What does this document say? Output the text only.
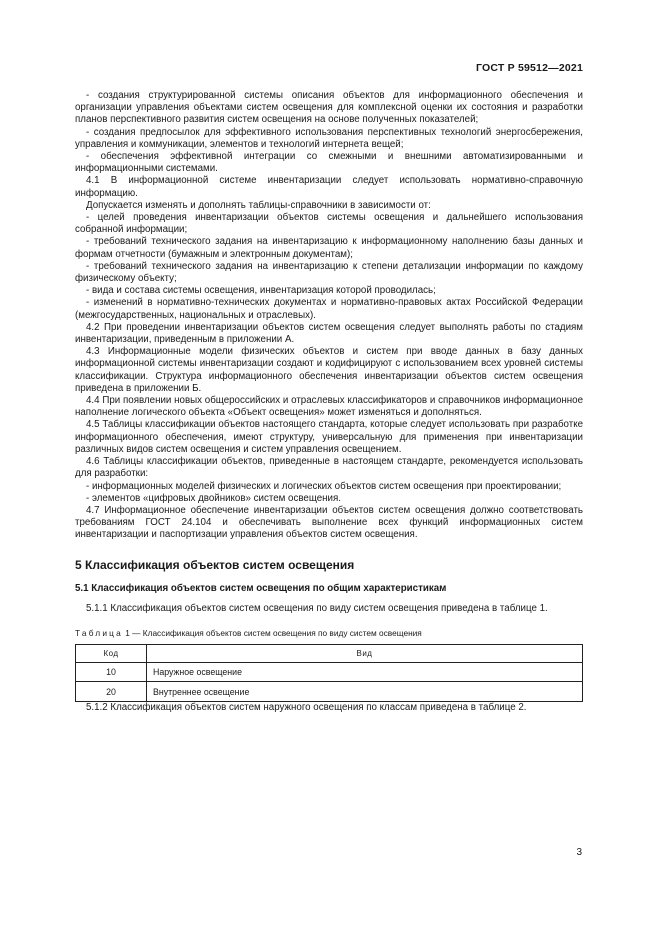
ГОСТ Р 59512—2021

- создания структурированной системы описания объектов для информационного обеспечения и организации управления объектами систем освещения для комплексной оценки их состояния и разработки планов перспективного развития систем освещения на основе полученных показателей;

- создания предпосылок для эффективного использования перспективных технологий энергосбережения, управления и коммуникации, элементов и технологий интернета вещей;

- обеспечения эффективной интеграции со смежными и внешними автоматизированными и информационными системами.

4.1 В информационной системе инвентаризации следует использовать нормативно-справочную информацию.

Допускается изменять и дополнять таблицы-справочники в зависимости от:

- целей проведения инвентаризации объектов системы освещения и дальнейшего использования собранной информации;

- требований технического задания на инвентаризацию к информационному наполнению базы данных и формам отчетности (бумажным и электронным документам);

- требований технического задания на инвентаризацию к степени детализации информации по каждому физическому объекту;

- вида и состава системы освещения, инвентаризация которой проводилась;

- изменений в нормативно-технических документах и нормативно-правовых актах Российской Федерации (межгосударственных, национальных и отраслевых).

4.2 При проведении инвентаризации объектов систем освещения следует выполнять работы по стадиям инвентаризации, приведенным в приложении А.

4.3 Информационные модели физических объектов и систем при вводе данных в базу данных информационной системы инвентаризации создают и кодифицируют с использованием всех уровней системы классификации. Структура информационного обеспечения инвентаризации объектов систем освещения приведена в приложении Б.

4.4 При появлении новых общероссийских и отраслевых классификаторов и справочников информационное наполнение логического объекта «Объект освещения» может изменяться и дополняться.

4.5 Таблицы классификации объектов настоящего стандарта, которые следует использовать при разработке информационного обеспечения, имеют структуру, универсальную для применения при инвентаризации различных видов систем освещения и систем управления освещением.

4.6 Таблицы классификации объектов, приведенные в настоящем стандарте, рекомендуется использовать для разработки:

- информационных моделей физических и логических объектов систем освещения при проектировании;

- элементов «цифровых двойников» систем освещения.

4.7 Информационное обеспечение инвентаризации объектов систем освещения должно соответствовать требованиям ГОСТ 24.104 и обеспечивать выполнение всех функций информационных систем инвентаризации и паспортизации управления объектов систем освещения.

5 Классификация объектов систем освещения
5.1 Классификация объектов систем освещения по общим характеристикам

5.1.1 Классификация объектов систем освещения по виду систем освещения приведена в таблице 1.

Таблица 1 — Классификация объектов систем освещения по виду систем освещения
Код	Вид
10	Наружное освещение
20	Внутреннее освещение

5.1.2 Классификация объектов систем наружного освещения по классам приведена в таблице 2.

3
